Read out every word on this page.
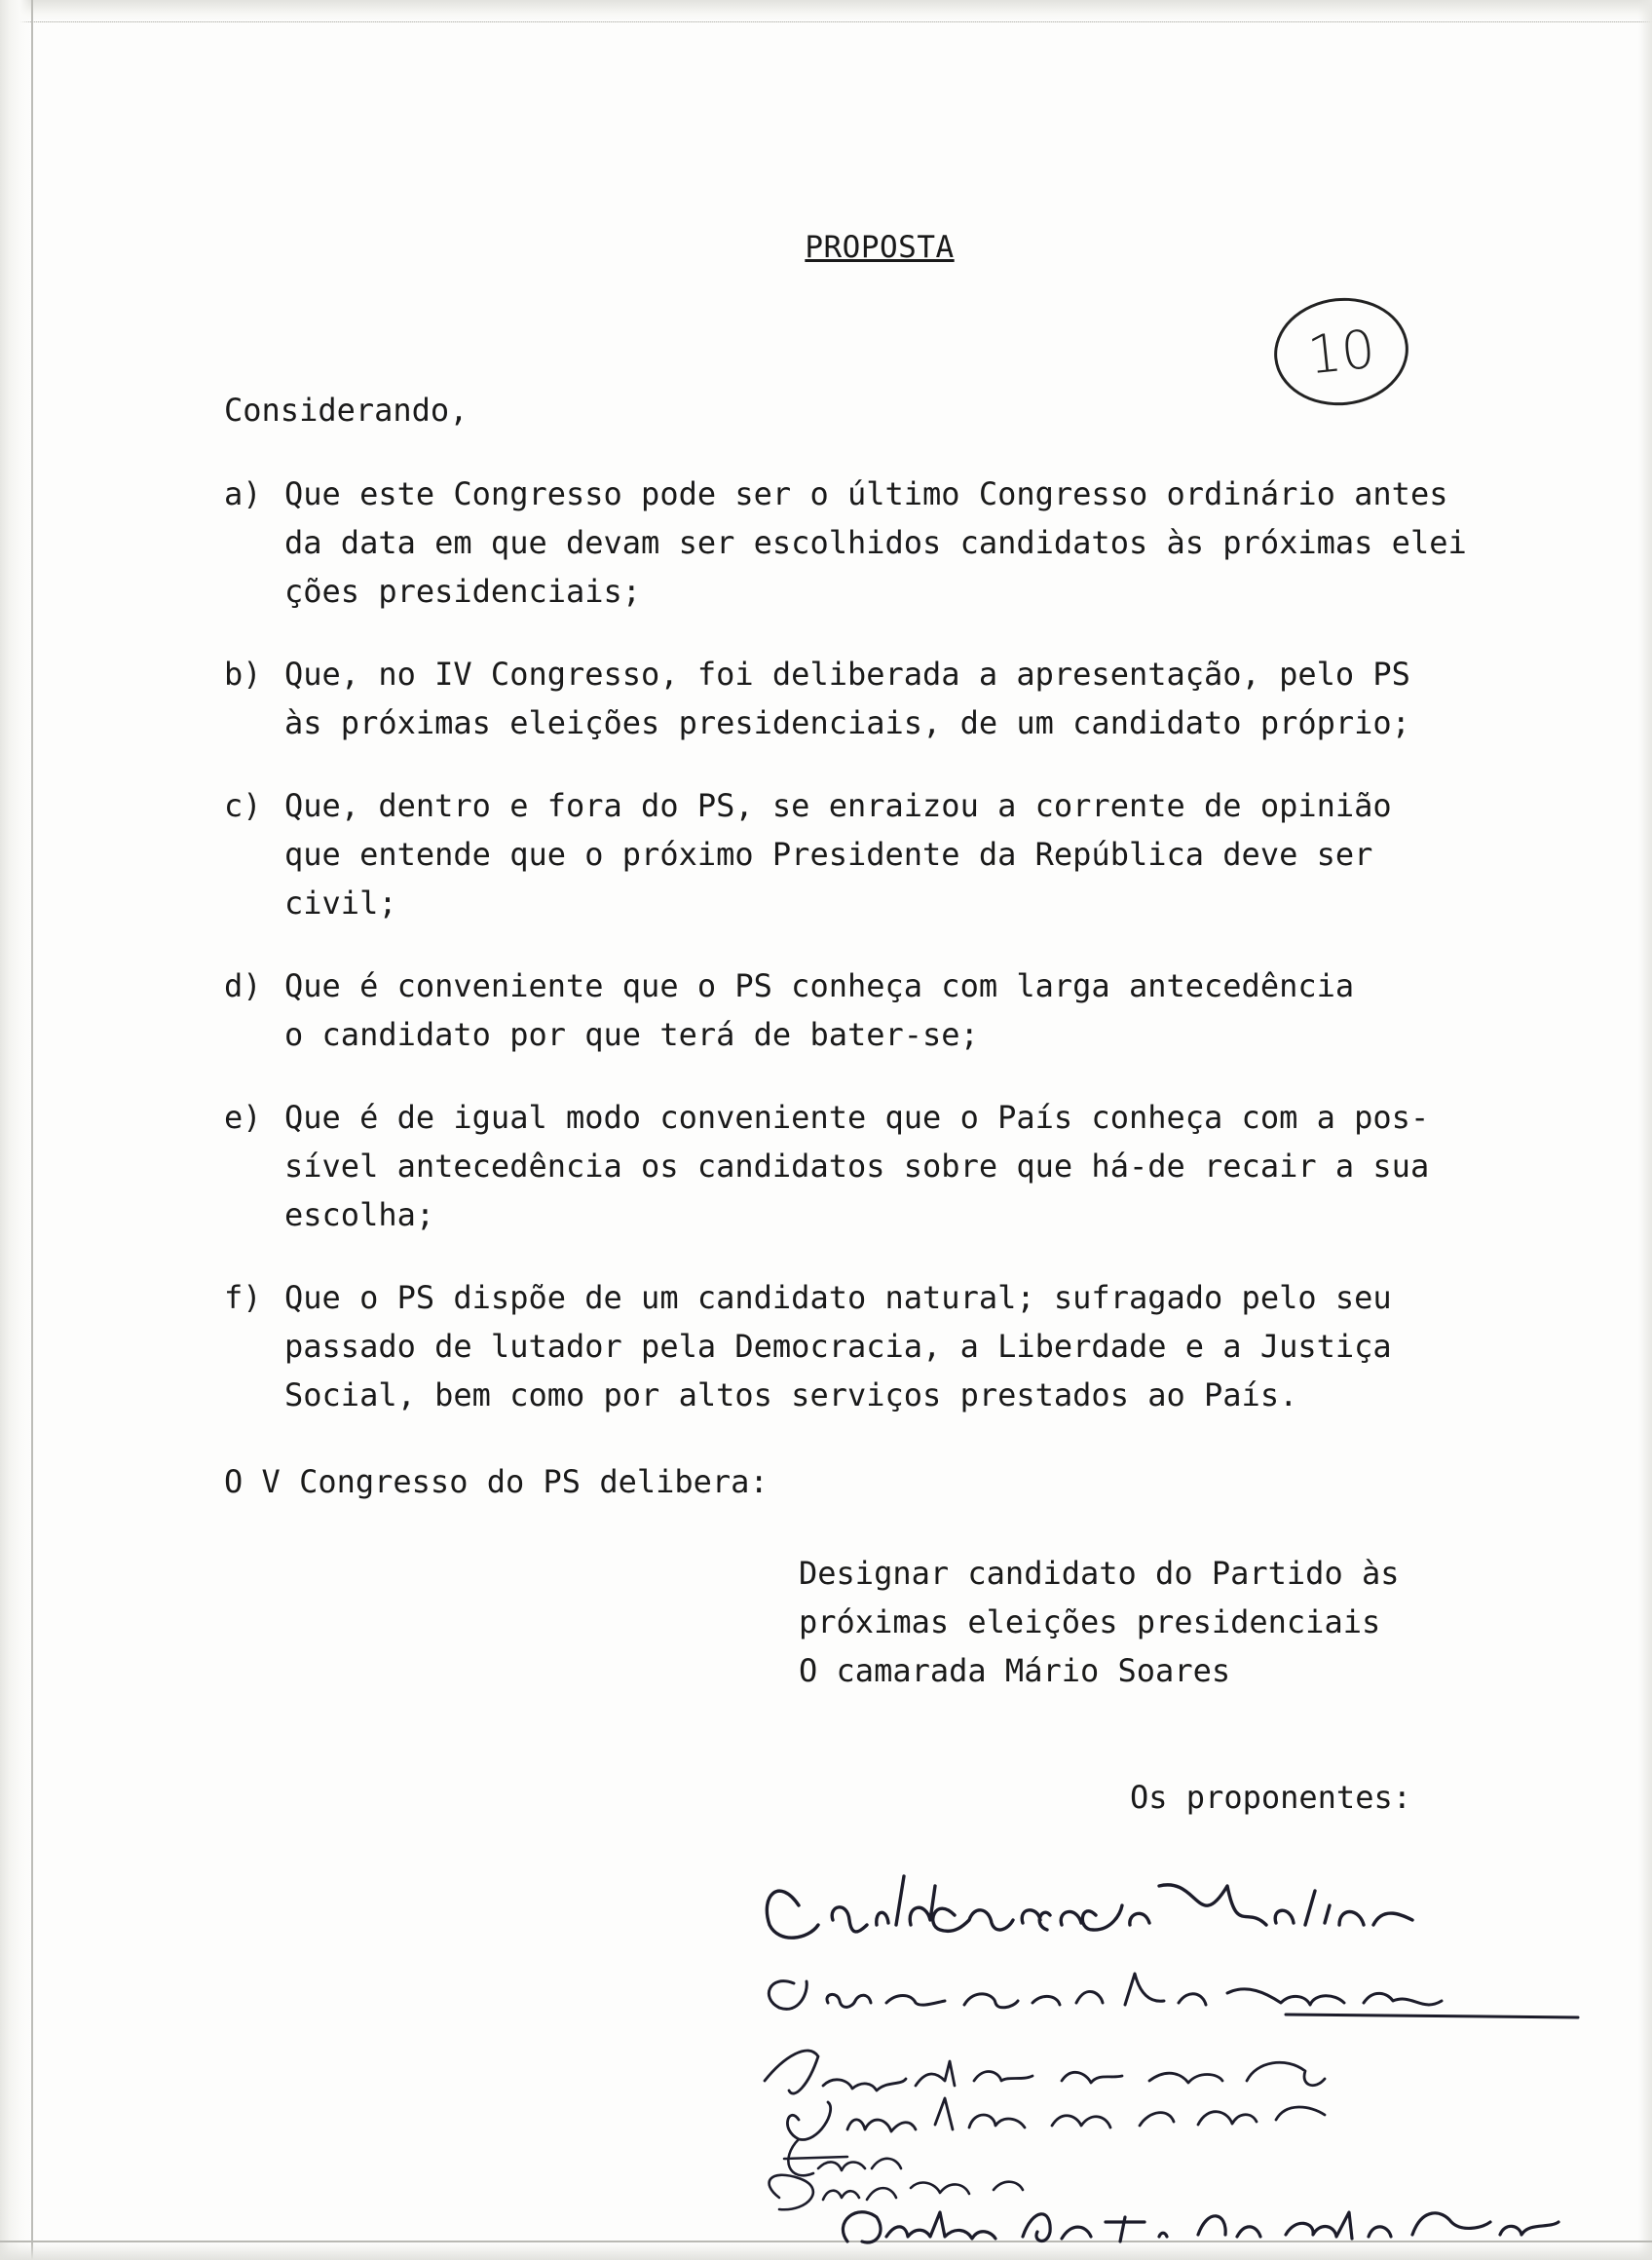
PROPOSTA
10
Considerando,
a) Que este Congresso pode ser o último Congresso ordinário antes
da data em que devam ser escolhidos candidatos às próximas elei
ções presidenciais;
b) Que, no IV Congresso, foi deliberada a apresentação, pelo PS
às próximas eleições presidenciais, de um candidato próprio;
c) Que, dentro e fora do PS, se enraizou a corrente de opinião
que entende que o próximo Presidente da República deve ser
civil;
d) Que é conveniente que o PS conheça com larga antecedência
o candidato por que terá de bater-se;
e) Que é de igual modo conveniente que o País conheça com a pos-
sível antecedência os candidatos sobre que há-de recair a sua
escolha;
f) Que o PS dispõe de um candidato natural; sufragado pelo seu
passado de lutador pela Democracia, a Liberdade e a Justiça
Social, bem como por altos serviços prestados ao País.
O V Congresso do PS delibera:
Designar candidato do Partido às
próximas eleições presidenciais
O camarada Mário Soares
Os proponentes:
